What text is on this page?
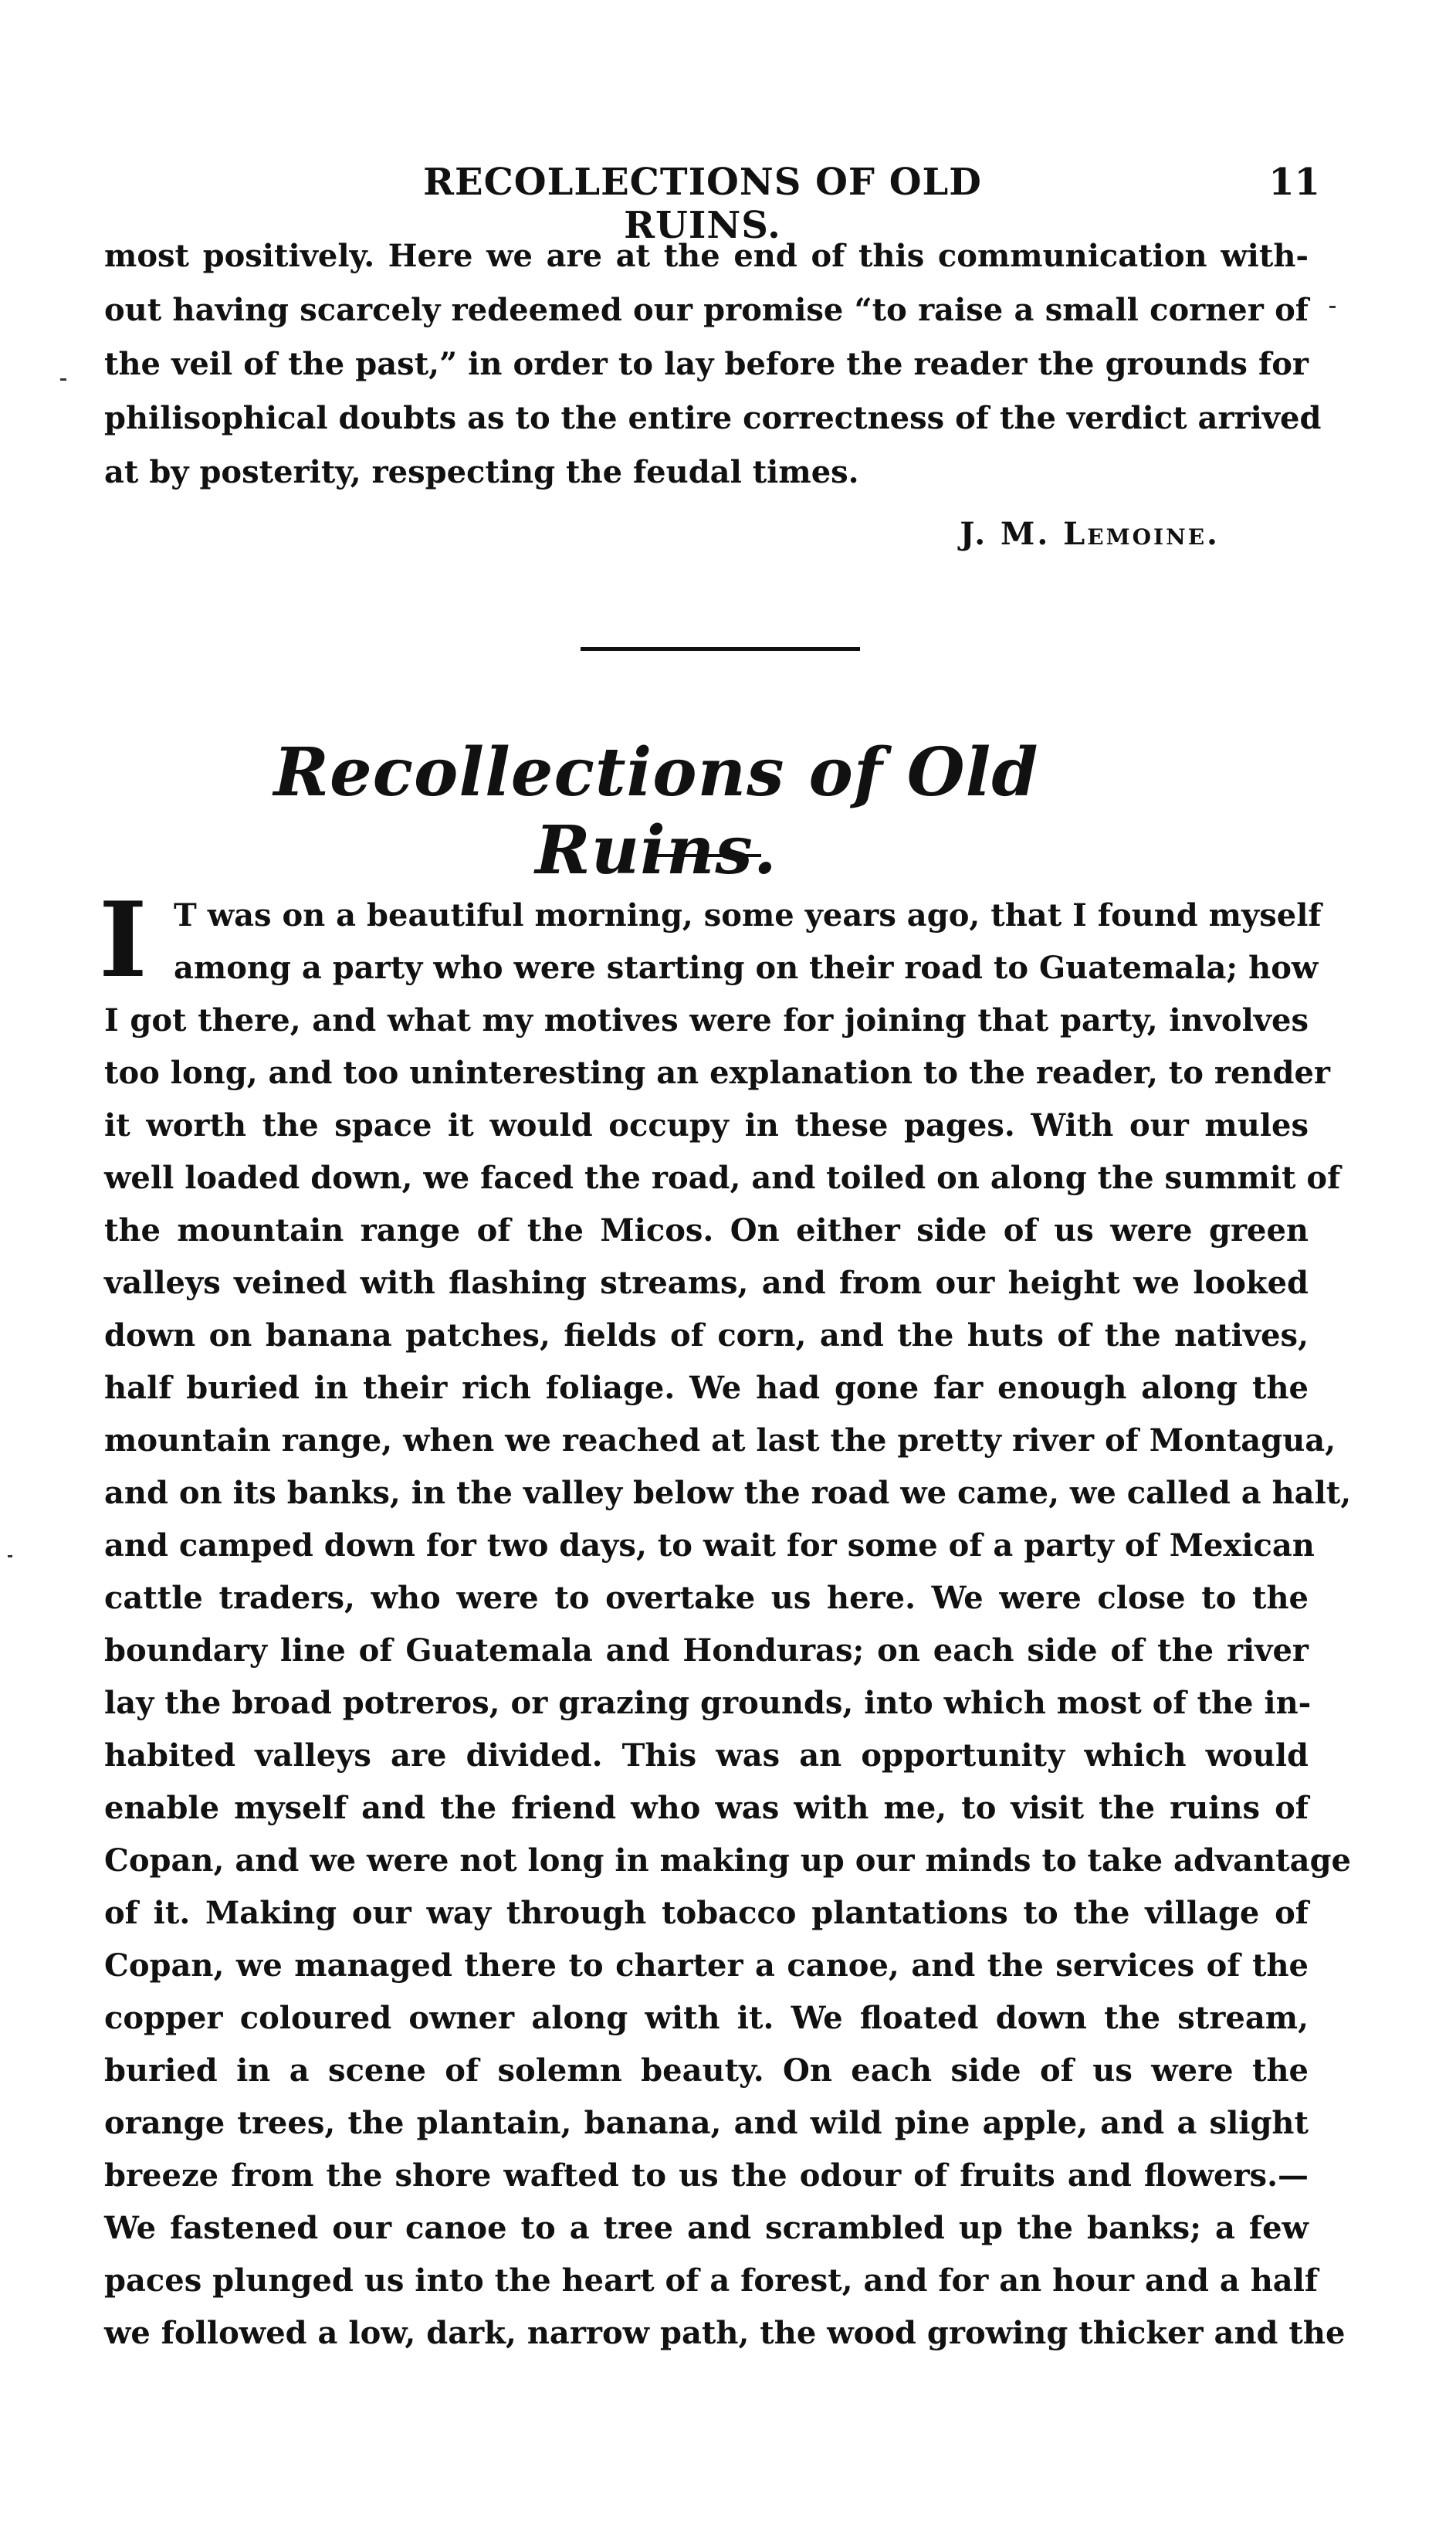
RECOLLECTIONS OF OLD RUINS.
11
most positively. Here we are at the end of this communication with-
out having scarcely redeemed our promise “to raise a small corner of
the veil of the past,” in order to lay before the reader the grounds for
philisophical doubts as to the entire correctness of the verdict arrived
at by posterity, respecting the feudal times.
J. M. Lemoine.
Recollections of Old Ruins.
I T was on a beautiful morning, some years ago, that I found myself
among a party who were starting on their road to Guatemala; how
I got there, and what my motives were for joining that party, involves
too long, and too uninteresting an explanation to the reader, to render
it worth the space it would occupy in these pages. With our mules
well loaded down, we faced the road, and toiled on along the summit of
the mountain range of the Micos. On either side of us were green
valleys veined with flashing streams, and from our height we looked
down on banana patches, fields of corn, and the huts of the natives,
half buried in their rich foliage. We had gone far enough along the
mountain range, when we reached at last the pretty river of Montagua,
and on its banks, in the valley below the road we came, we called a halt,
and camped down for two days, to wait for some of a party of Mexican
cattle traders, who were to overtake us here. We were close to the
boundary line of Guatemala and Honduras; on each side of the river
lay the broad potreros, or grazing grounds, into which most of the in-
habited valleys are divided. This was an opportunity which would
enable myself and the friend who was with me, to visit the ruins of
Copan, and we were not long in making up our minds to take advantage
of it. Making our way through tobacco plantations to the village of
Copan, we managed there to charter a canoe, and the services of the
copper coloured owner along with it. We floated down the stream,
buried in a scene of solemn beauty. On each side of us were the
orange trees, the plantain, banana, and wild pine apple, and a slight
breeze from the shore wafted to us the odour of fruits and flowers.—
We fastened our canoe to a tree and scrambled up the banks; a few
paces plunged us into the heart of a forest, and for an hour and a half
we followed a low, dark, narrow path, the wood growing thicker and the
